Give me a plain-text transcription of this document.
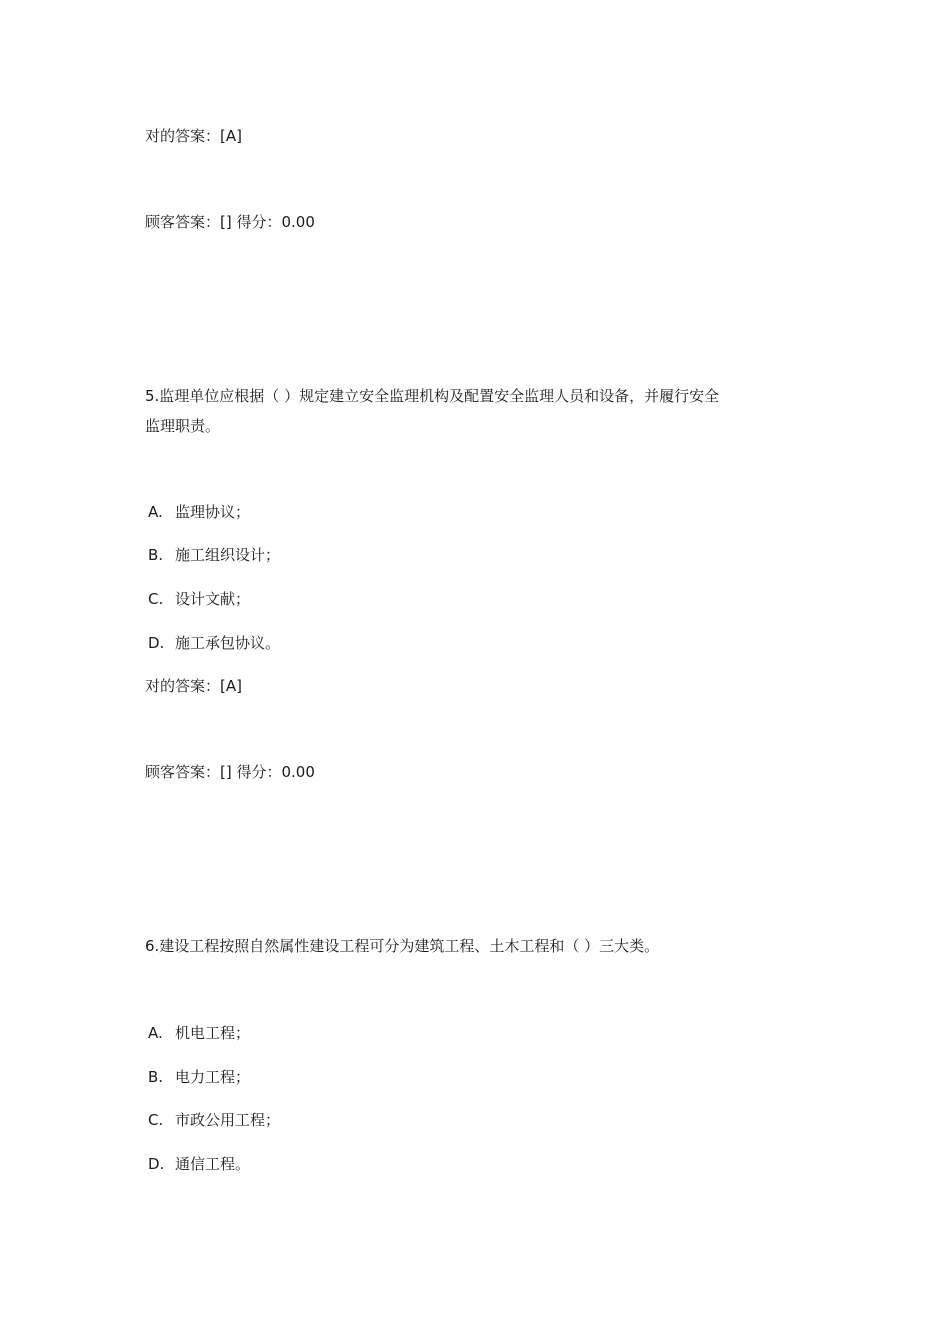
对的答案：[A]
顾客答案：[] 得分：0.00
5.监理单位应根据（ ）规定建立安全监理机构及配置安全监理人员和设备，并履行安全
监理职责。
A. 监理协议；
B. 施工组织设计；
C. 设计文献；
D. 施工承包协议。
对的答案：[A]
顾客答案：[] 得分：0.00
6.建设工程按照自然属性建设工程可分为建筑工程、土木工程和（ ）三大类。
A. 机电工程；
B. 电力工程；
C. 市政公用工程；
D. 通信工程。
